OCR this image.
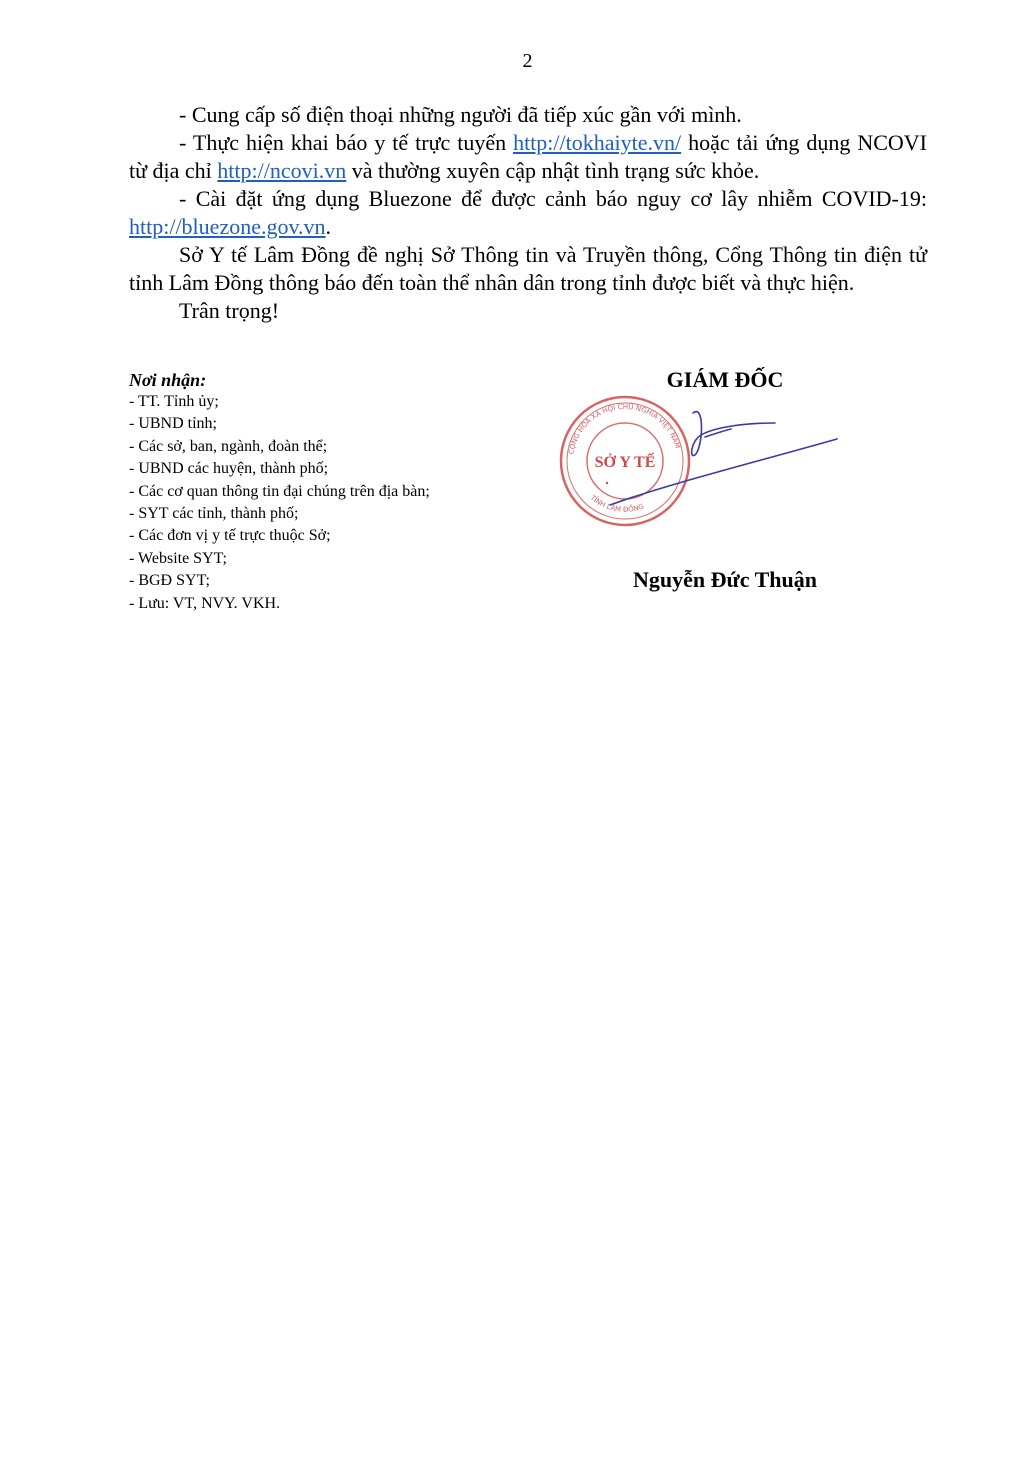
2

- Cung cấp số điện thoại những người đã tiếp xúc gần với mình.

- Thực hiện khai báo y tế trực tuyến http://tokhaiyte.vn/ hoặc tải ứng dụng NCOVI từ địa chỉ http://ncovi.vn và thường xuyên cập nhật tình trạng sức khỏe.

- Cài đặt ứng dụng Bluezone để được cảnh báo nguy cơ lây nhiễm COVID-19: http://bluezone.gov.vn.

Sở Y tế Lâm Đồng đề nghị Sở Thông tin và Truyền thông, Cổng Thông tin điện tử tỉnh Lâm Đồng thông báo đến toàn thể nhân dân trong tỉnh được biết và thực hiện.

Trân trọng!

Nơi nhận:
- TT. Tỉnh ủy;
- UBND tỉnh;
- Các sở, ban, ngành, đoàn thể;
- UBND các huyện, thành phố;
- Các cơ quan thông tin đại chúng trên địa bàn;
- SYT các tỉnh, thành phố;
- Các đơn vị y tế trực thuộc Sở;
- Website SYT;
- BGĐ SYT;
- Lưu: VT, NVY. VKH.
GIÁM ĐỐC
CỘNG HÒA XÃ HỘI CHỦ NGHĨA VIỆT NAM
TỈNH LÂM ĐỒNG
SỞ Y TẾ
Nguyễn Đức Thuận
